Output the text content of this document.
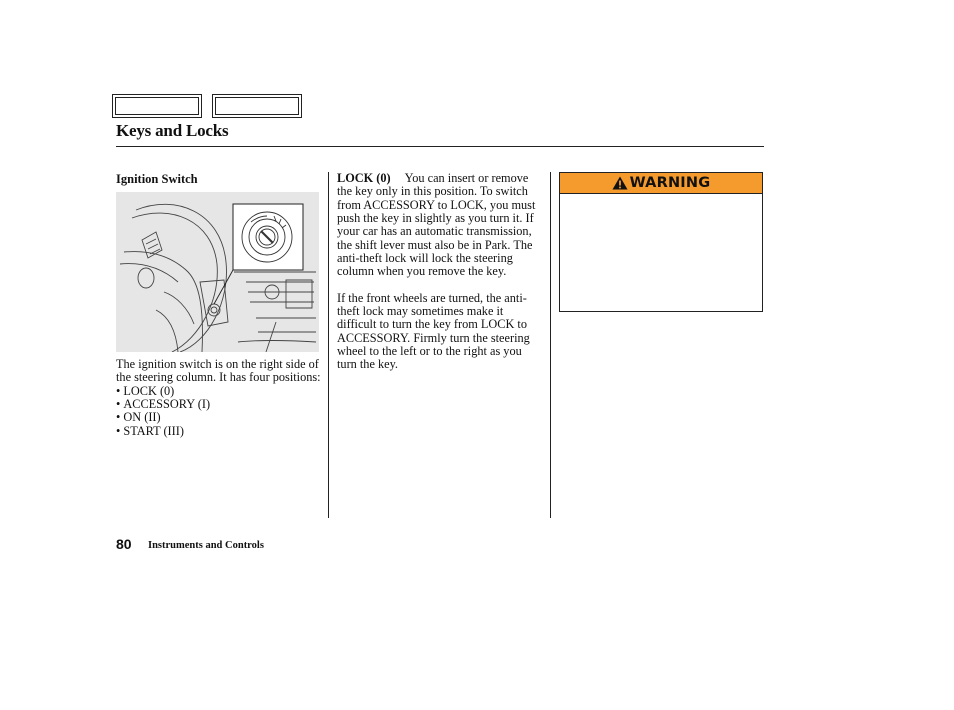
Keys and Locks
Ignition Switch
The ignition switch is on the right side of the steering column. It has four positions:
• LOCK (0)
• ACCESSORY (I)
• ON (II)
• START (III)

LOCK (0) You can insert or remove the key only in this position. To switch from ACCESSORY to LOCK, you must push the key in slightly as you turn it. If your car has an automatic transmission, the shift lever must also be in Park. The anti-theft lock will lock the steering column when you remove the key.

If the front wheels are turned, the anti-theft lock may sometimes make it difficult to turn the key from LOCK to ACCESSORY. Firmly turn the steering wheel to the left or to the right as you turn the key.

WARNING
80 Instruments and Controls
